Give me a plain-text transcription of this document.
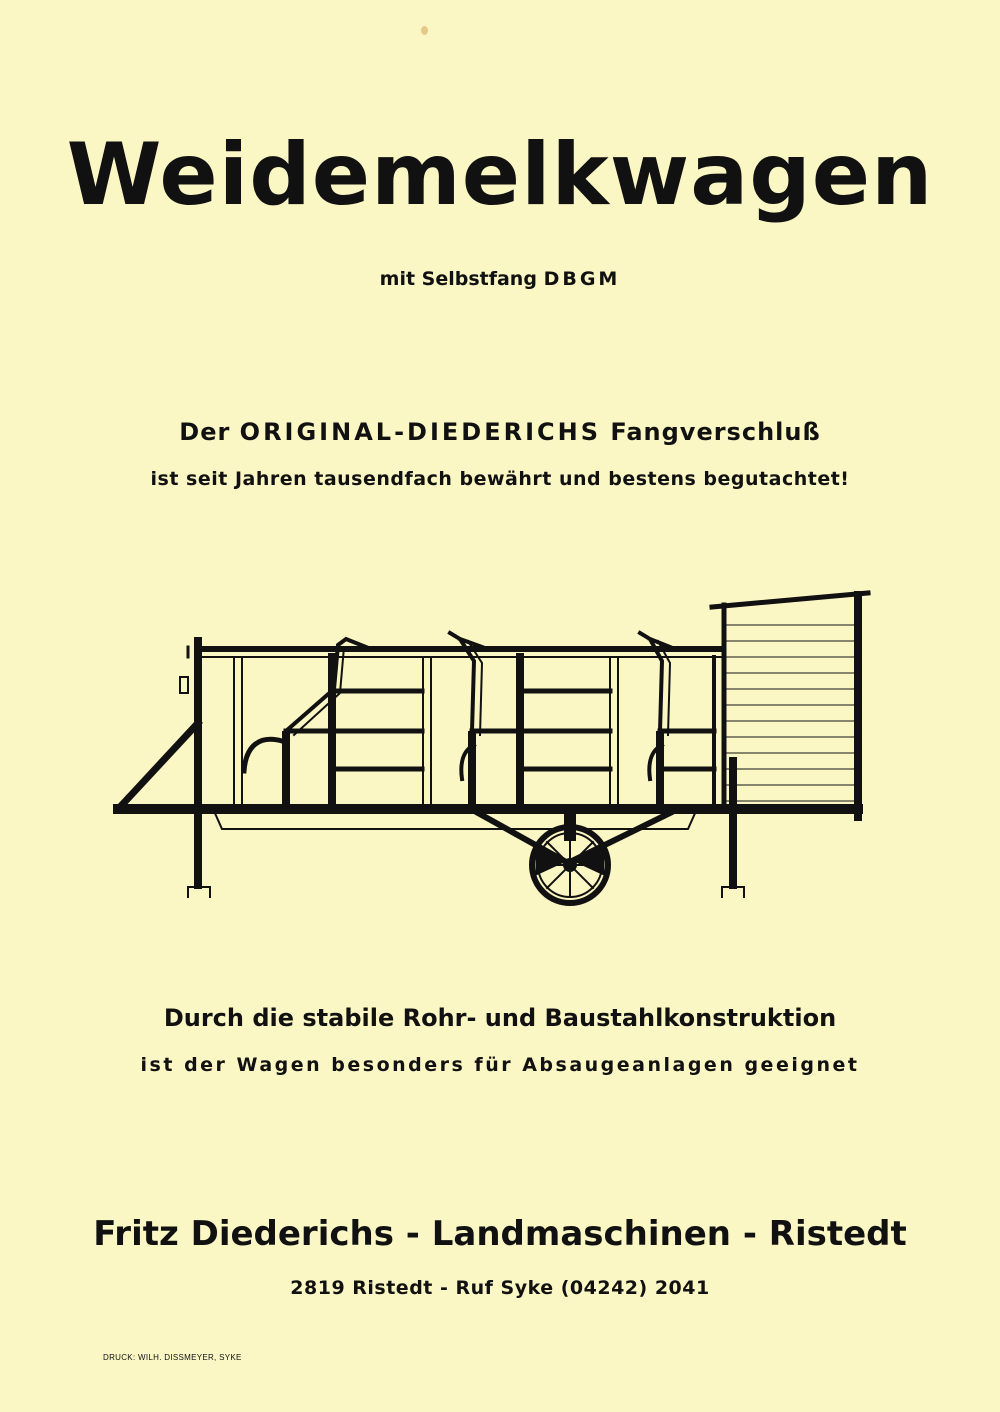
Weidemelkwagen
mit Selbstfang DBGM
Der ORIGINAL-DIEDERICHS Fangverschluß
ist seit Jahren tausendfach bewährt und bestens begutachtet!
Durch die stabile Rohr- und Baustahlkonstruktion
ist der Wagen besonders für Absaugeanlagen geeignet
Fritz Diederichs - Landmaschinen - Ristedt
2819 Ristedt - Ruf Syke (04242) 2041
DRUCK: WILH. DISSMEYER, SYKE
